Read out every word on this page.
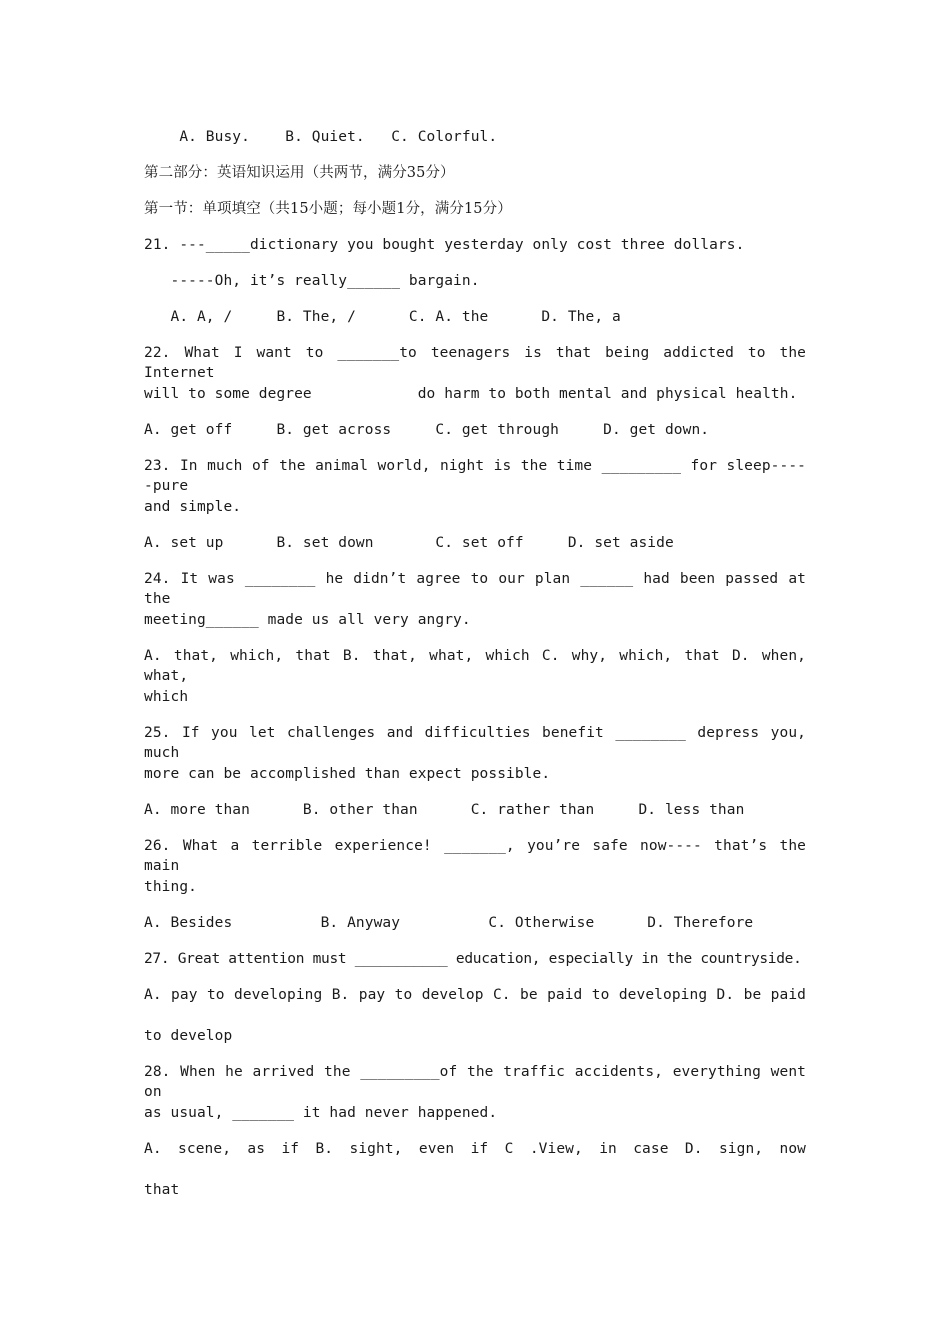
A. Busy.    B. Quiet.   C. Colorful.
第二部分：英语知识运用（共两节，满分35分）
第一节：单项填空（共15小题；每小题1分，满分15分）
21. ---_____dictionary you bought yesterday only cost three dollars.
-----Oh, it’s really______ bargain.
A. A, /     B. The, /      C. A. the      D. The, a
22. What I want to _______to teenagers is that being addicted to the Internet
will to some degree            do harm to both mental and physical health.
A. get off     B. get across     C. get through     D. get down.
23. In much of the animal world, night is the time _________ for sleep-----pure
and simple.
A. set up      B. set down       C. set off     D. set aside
24. It was ________ he didn’t agree to our plan ______ had been passed at the
meeting______ made us all very angry.
A. that, which, that B. that, what, which C. why, which, that D. when, what,
which
25. If you let challenges and difficulties benefit ________ depress you, much
more can be accomplished than expect possible.
A. more than      B. other than      C. rather than     D. less than
26. What a terrible experience! _______, you’re safe now---- that’s the main
thing.
A. Besides          B. Anyway          C. Otherwise      D. Therefore
27. Great attention must ___________ education, especially in the countryside.
A. pay to developing B. pay to develop C. be paid to developing D. be paid
to develop
28. When he arrived the _________of the traffic accidents, everything went on
as usual, _______ it had never happened.
A. scene, as if B. sight, even if C .View, in case D. sign, now
that
